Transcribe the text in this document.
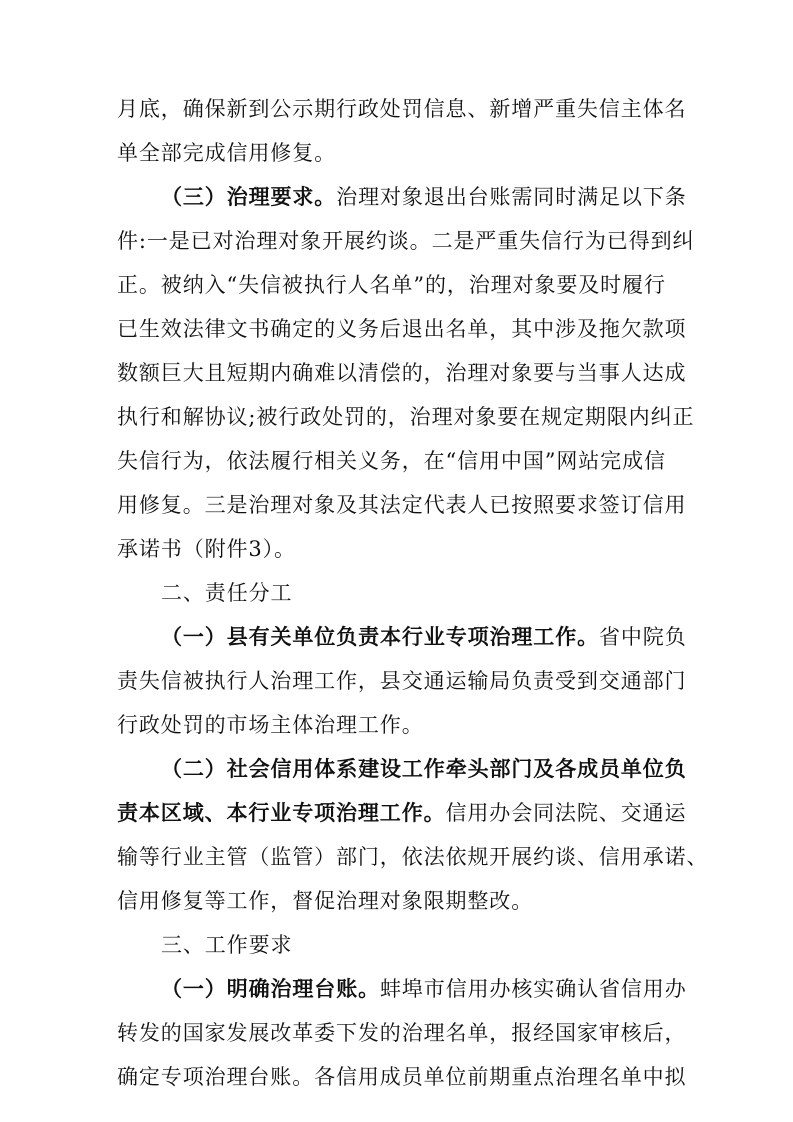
月底，确保新到公示期行政处罚信息、新增严重失信主体名
单全部完成信用修复。
（三）治理要求。治理对象退出台账需同时满足以下条
件:一是已对治理对象开展约谈。二是严重失信行为已得到纠
正。被纳入“失信被执行人名单”的，治理对象要及时履行
已生效法律文书确定的义务后退出名单，其中涉及拖欠款项
数额巨大且短期内确难以清偿的，治理对象要与当事人达成
执行和解协议;被行政处罚的，治理对象要在规定期限内纠正
失信行为，依法履行相关义务，在“信用中国”网站完成信
用修复。三是治理对象及其法定代表人已按照要求签订信用
承诺书（附件3）。
二、责任分工
（一）县有关单位负责本行业专项治理工作。省中院负
责失信被执行人治理工作，县交通运输局负责受到交通部门
行政处罚的市场主体治理工作。
（二）社会信用体系建设工作牵头部门及各成员单位负
责本区域、本行业专项治理工作。信用办会同法院、交通运
输等行业主管（监管）部门，依法依规开展约谈、信用承诺、
信用修复等工作，督促治理对象限期整改。
三、工作要求
（一）明确治理台账。蚌埠市信用办核实确认省信用办
转发的国家发展改革委下发的治理名单，报经国家审核后，
确定专项治理台账。各信用成员单位前期重点治理名单中拟
